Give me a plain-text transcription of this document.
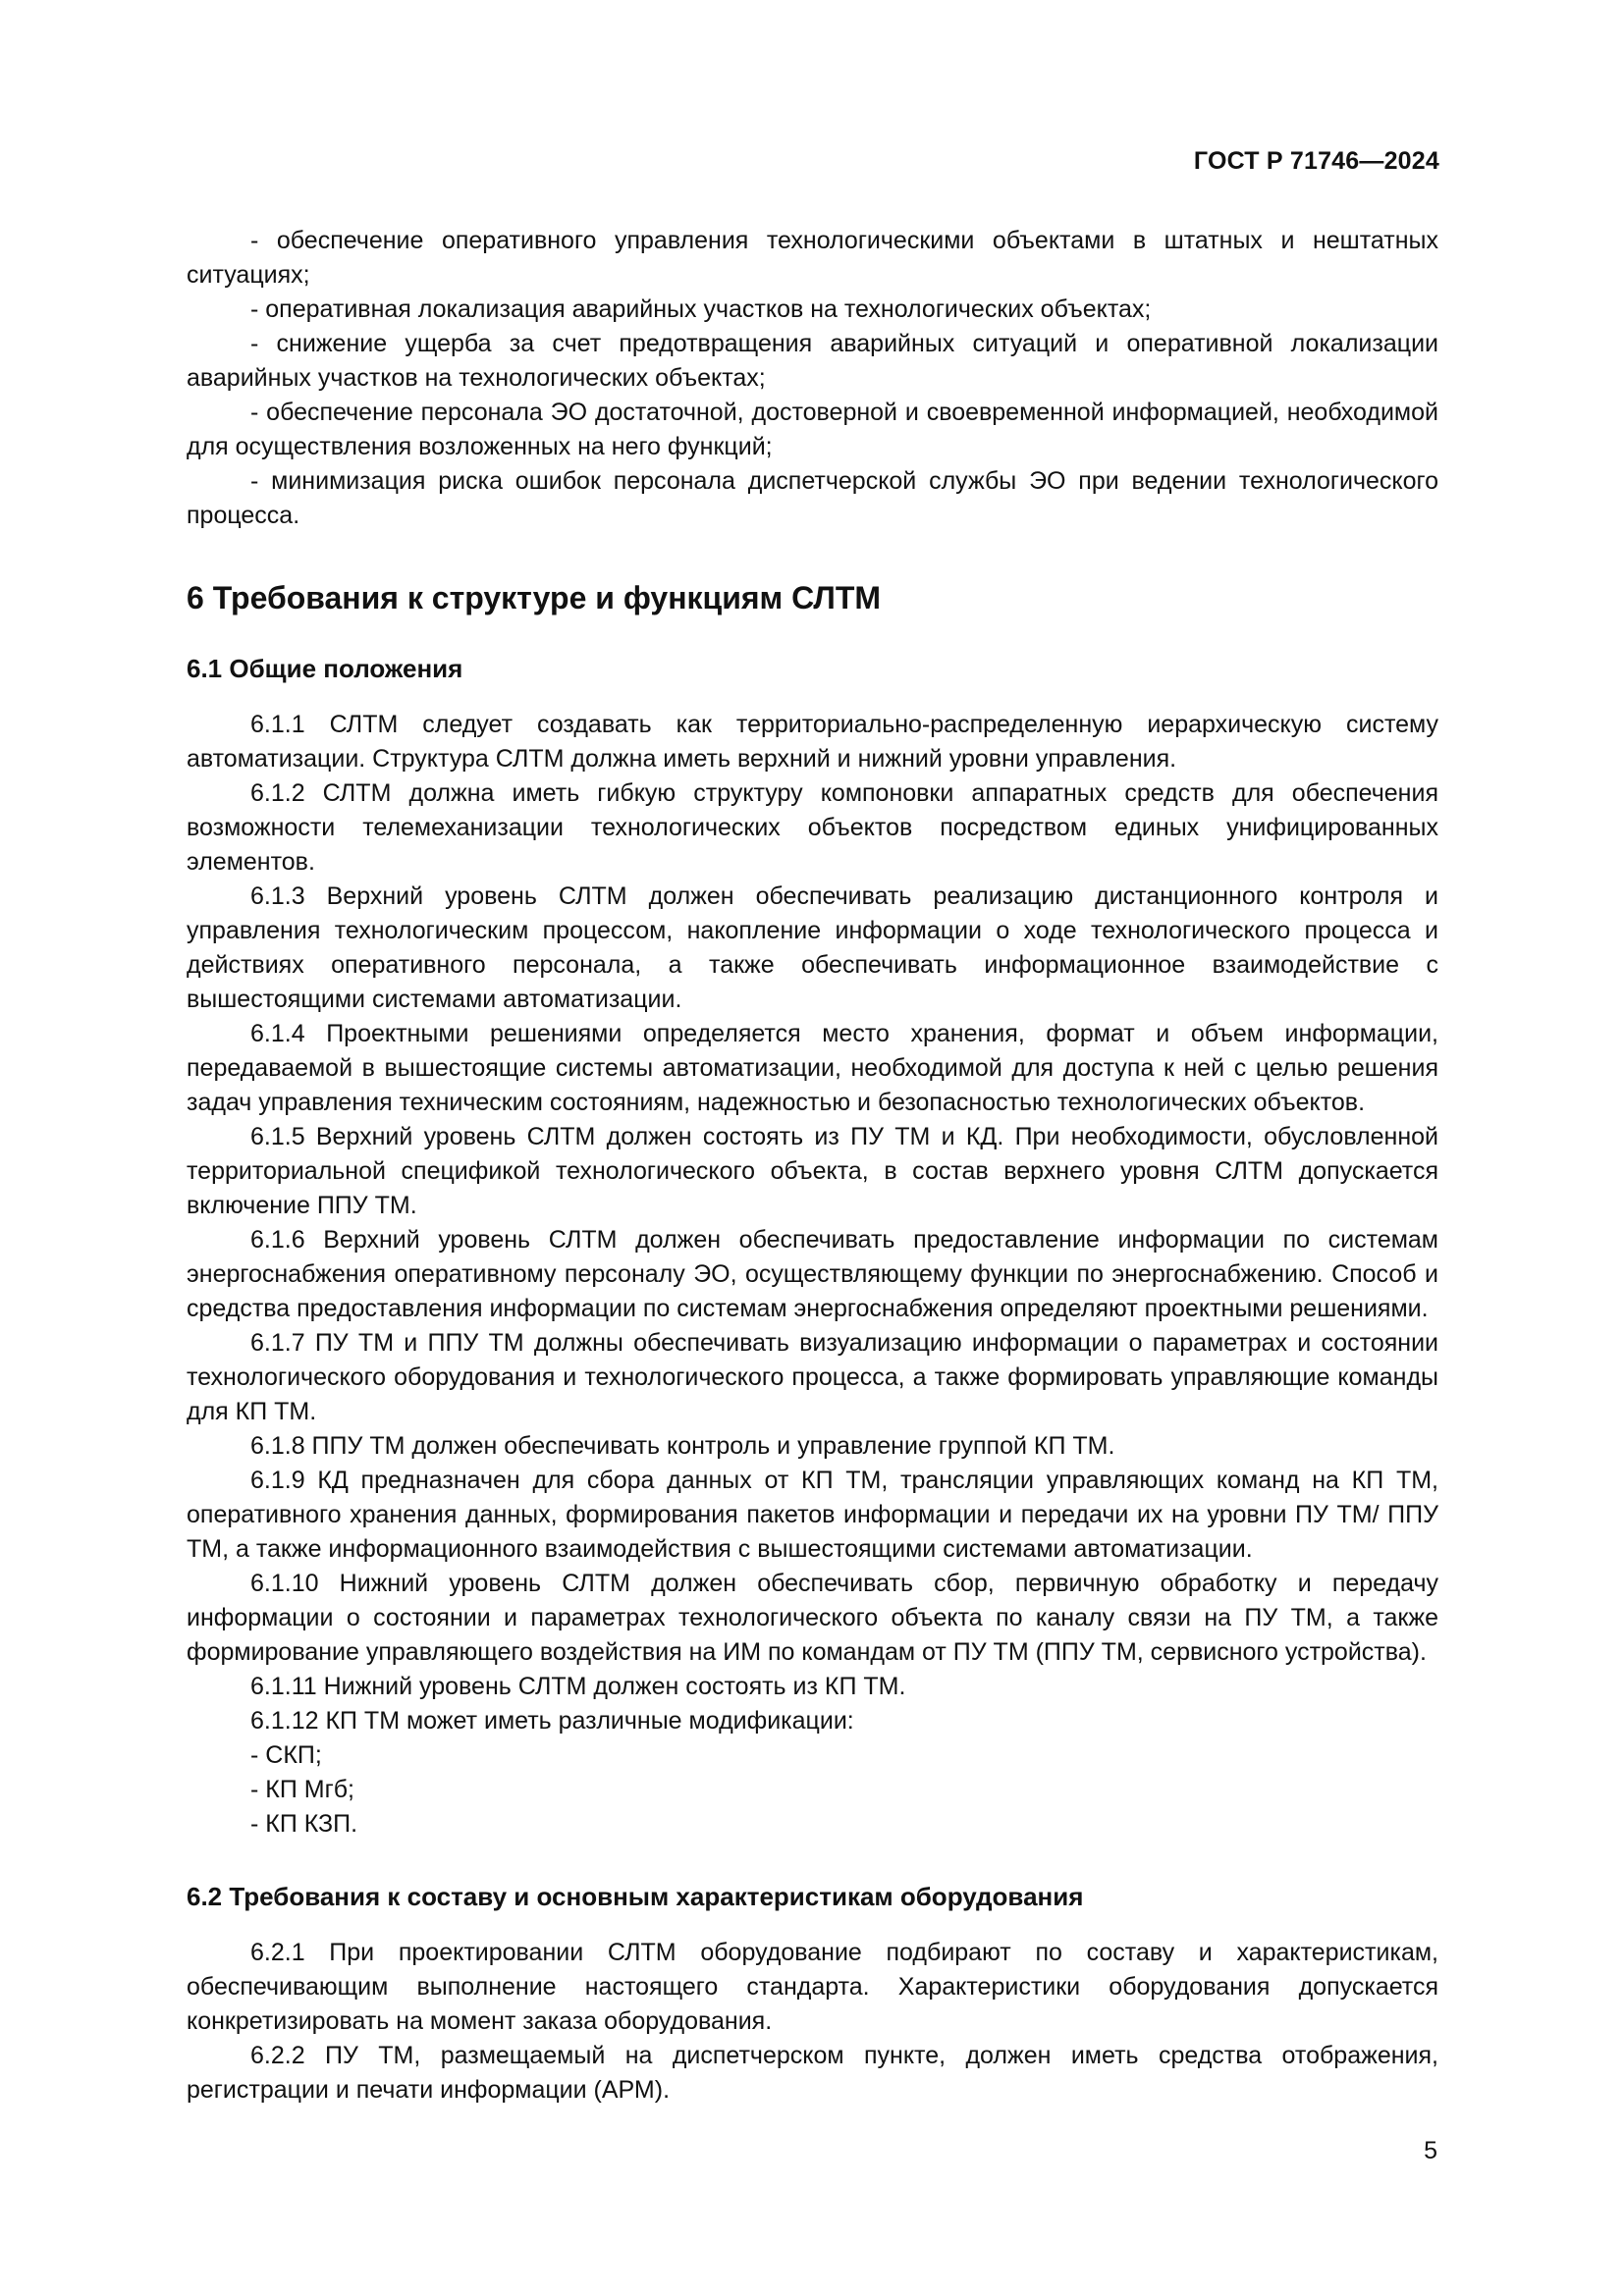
ГОСТ Р 71746—2024

- обеспечение оперативного управления технологическими объектами в штатных и нештатных ситуациях;

- оперативная локализация аварийных участков на технологических объектах;

- снижение ущерба за счет предотвращения аварийных ситуаций и оперативной локализации аварийных участков на технологических объектах;

- обеспечение персонала ЭО достаточной, достоверной и своевременной информацией, необходимой для осуществления возложенных на него функций;

- минимизация риска ошибок персонала диспетчерской службы ЭО при ведении технологического процесса.

6 Требования к структуре и функциям СЛТМ
6.1 Общие положения

6.1.1 СЛТМ следует создавать как территориально-распределенную иерархическую систему автоматизации. Структура СЛТМ должна иметь верхний и нижний уровни управления.

6.1.2 СЛТМ должна иметь гибкую структуру компоновки аппаратных средств для обеспечения возможности телемеханизации технологических объектов посредством единых унифицированных элементов.

6.1.3 Верхний уровень СЛТМ должен обеспечивать реализацию дистанционного контроля и управления технологическим процессом, накопление информации о ходе технологического процесса и действиях оперативного персонала, а также обеспечивать информационное взаимодействие с вышестоящими системами автоматизации.

6.1.4 Проектными решениями определяется место хранения, формат и объем информации, передаваемой в вышестоящие системы автоматизации, необходимой для доступа к ней с целью решения задач управления техническим состояниям, надежностью и безопасностью технологических объектов.

6.1.5 Верхний уровень СЛТМ должен состоять из ПУ ТМ и КД. При необходимости, обусловленной территориальной спецификой технологического объекта, в состав верхнего уровня СЛТМ допускается включение ППУ ТМ.

6.1.6 Верхний уровень СЛТМ должен обеспечивать предоставление информации по системам энергоснабжения оперативному персоналу ЭО, осуществляющему функции по энергоснабжению. Способ и средства предоставления информации по системам энергоснабжения определяют проектными решениями.

6.1.7 ПУ ТМ и ППУ ТМ должны обеспечивать визуализацию информации о параметрах и состоянии технологического оборудования и технологического процесса, а также формировать управляющие команды для КП ТМ.

6.1.8 ППУ ТМ должен обеспечивать контроль и управление группой КП ТМ.

6.1.9 КД предназначен для сбора данных от КП ТМ, трансляции управляющих команд на КП ТМ, оперативного хранения данных, формирования пакетов информации и передачи их на уровни ПУ ТМ/ ППУ ТМ, а также информационного взаимодействия с вышестоящими системами автоматизации.

6.1.10 Нижний уровень СЛТМ должен обеспечивать сбор, первичную обработку и передачу информации о состоянии и параметрах технологического объекта по каналу связи на ПУ ТМ, а также формирование управляющего воздействия на ИМ по командам от ПУ ТМ (ППУ ТМ, сервисного устройства).

6.1.11 Нижний уровень СЛТМ должен состоять из КП ТМ.

6.1.12 КП ТМ может иметь различные модификации:

- СКП;

- КП Мгб;

- КП КЗП.

6.2 Требования к составу и основным характеристикам оборудования

6.2.1 При проектировании СЛТМ оборудование подбирают по составу и характеристикам, обеспечивающим выполнение настоящего стандарта. Характеристики оборудования допускается конкретизировать на момент заказа оборудования.

6.2.2 ПУ ТМ, размещаемый на диспетчерском пункте, должен иметь средства отображения, регистрации и печати информации (АРМ).

5
